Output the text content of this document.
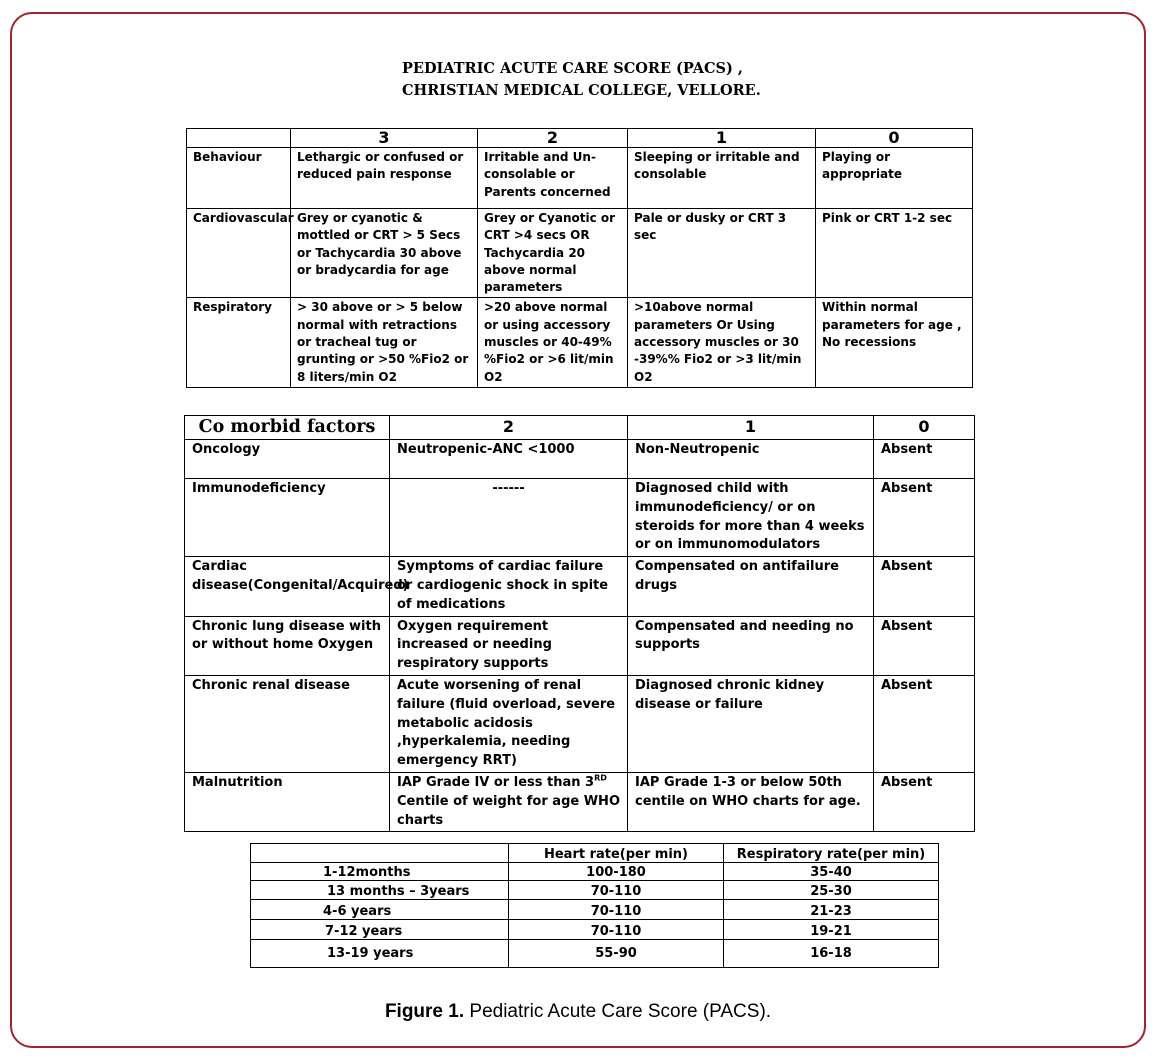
PEDIATRIC ACUTE CARE SCORE (PACS) ,
CHRISTIAN MEDICAL COLLEGE, VELLORE.
	3	2	1	0
Behaviour	Lethargic or confused or reduced pain response	Irritable and Un-consolable or Parents concerned	Sleeping or irritable and consolable	Playing or appropriate
Cardiovascular	Grey or cyanotic & mottled or CRT > 5 Secs or Tachycardia 30 above or bradycardia for age	Grey or Cyanotic or CRT >4 secs OR Tachycardia 20 above normal parameters	Pale or dusky or CRT 3 sec	Pink or CRT 1-2 sec
Respiratory	> 30 above or > 5 below normal with retractions or tracheal tug or grunting or >50 %Fio2 or 8 liters/min O2	>20 above normal or using accessory muscles or 40-49% %Fio2 or >6 lit/min O2	>10above normal parameters Or Using accessory muscles or 30 -39%% Fio2 or >3 lit/min O2	Within normal parameters for age , No recessions
Co morbid factors	2	1	0
Oncology	Neutropenic-ANC <1000	Non-Neutropenic	Absent
Immunodeficiency	------	Diagnosed child with immunodeficiency/ or on steroids for more than 4 weeks or on immunomodulators	Absent
Cardiac disease(Congenital/Acquired)	Symptoms of cardiac failure or cardiogenic shock in spite of medications	Compensated on antifailure drugs	Absent
Chronic lung disease with or without home Oxygen	Oxygen requirement increased or needing respiratory supports	Compensated and needing no supports	Absent
Chronic renal disease	Acute worsening of renal failure (fluid overload, severe metabolic acidosis ,hyperkalemia, needing emergency RRT)	Diagnosed chronic kidney disease or failure	Absent
Malnutrition	IAP Grade IV or less than 3RD Centile of weight for age WHO charts	IAP Grade 1-3 or below 50th centile on WHO charts for age.	Absent
	Heart rate(per min)	Respiratory rate(per min)
1-12months	100-180	35-40
13 months – 3years	70-110	25-30
4-6 years	70-110	21-23
7-12 years	70-110	19-21
13-19 years	55-90	16-18
Figure 1. Pediatric Acute Care Score (PACS).
